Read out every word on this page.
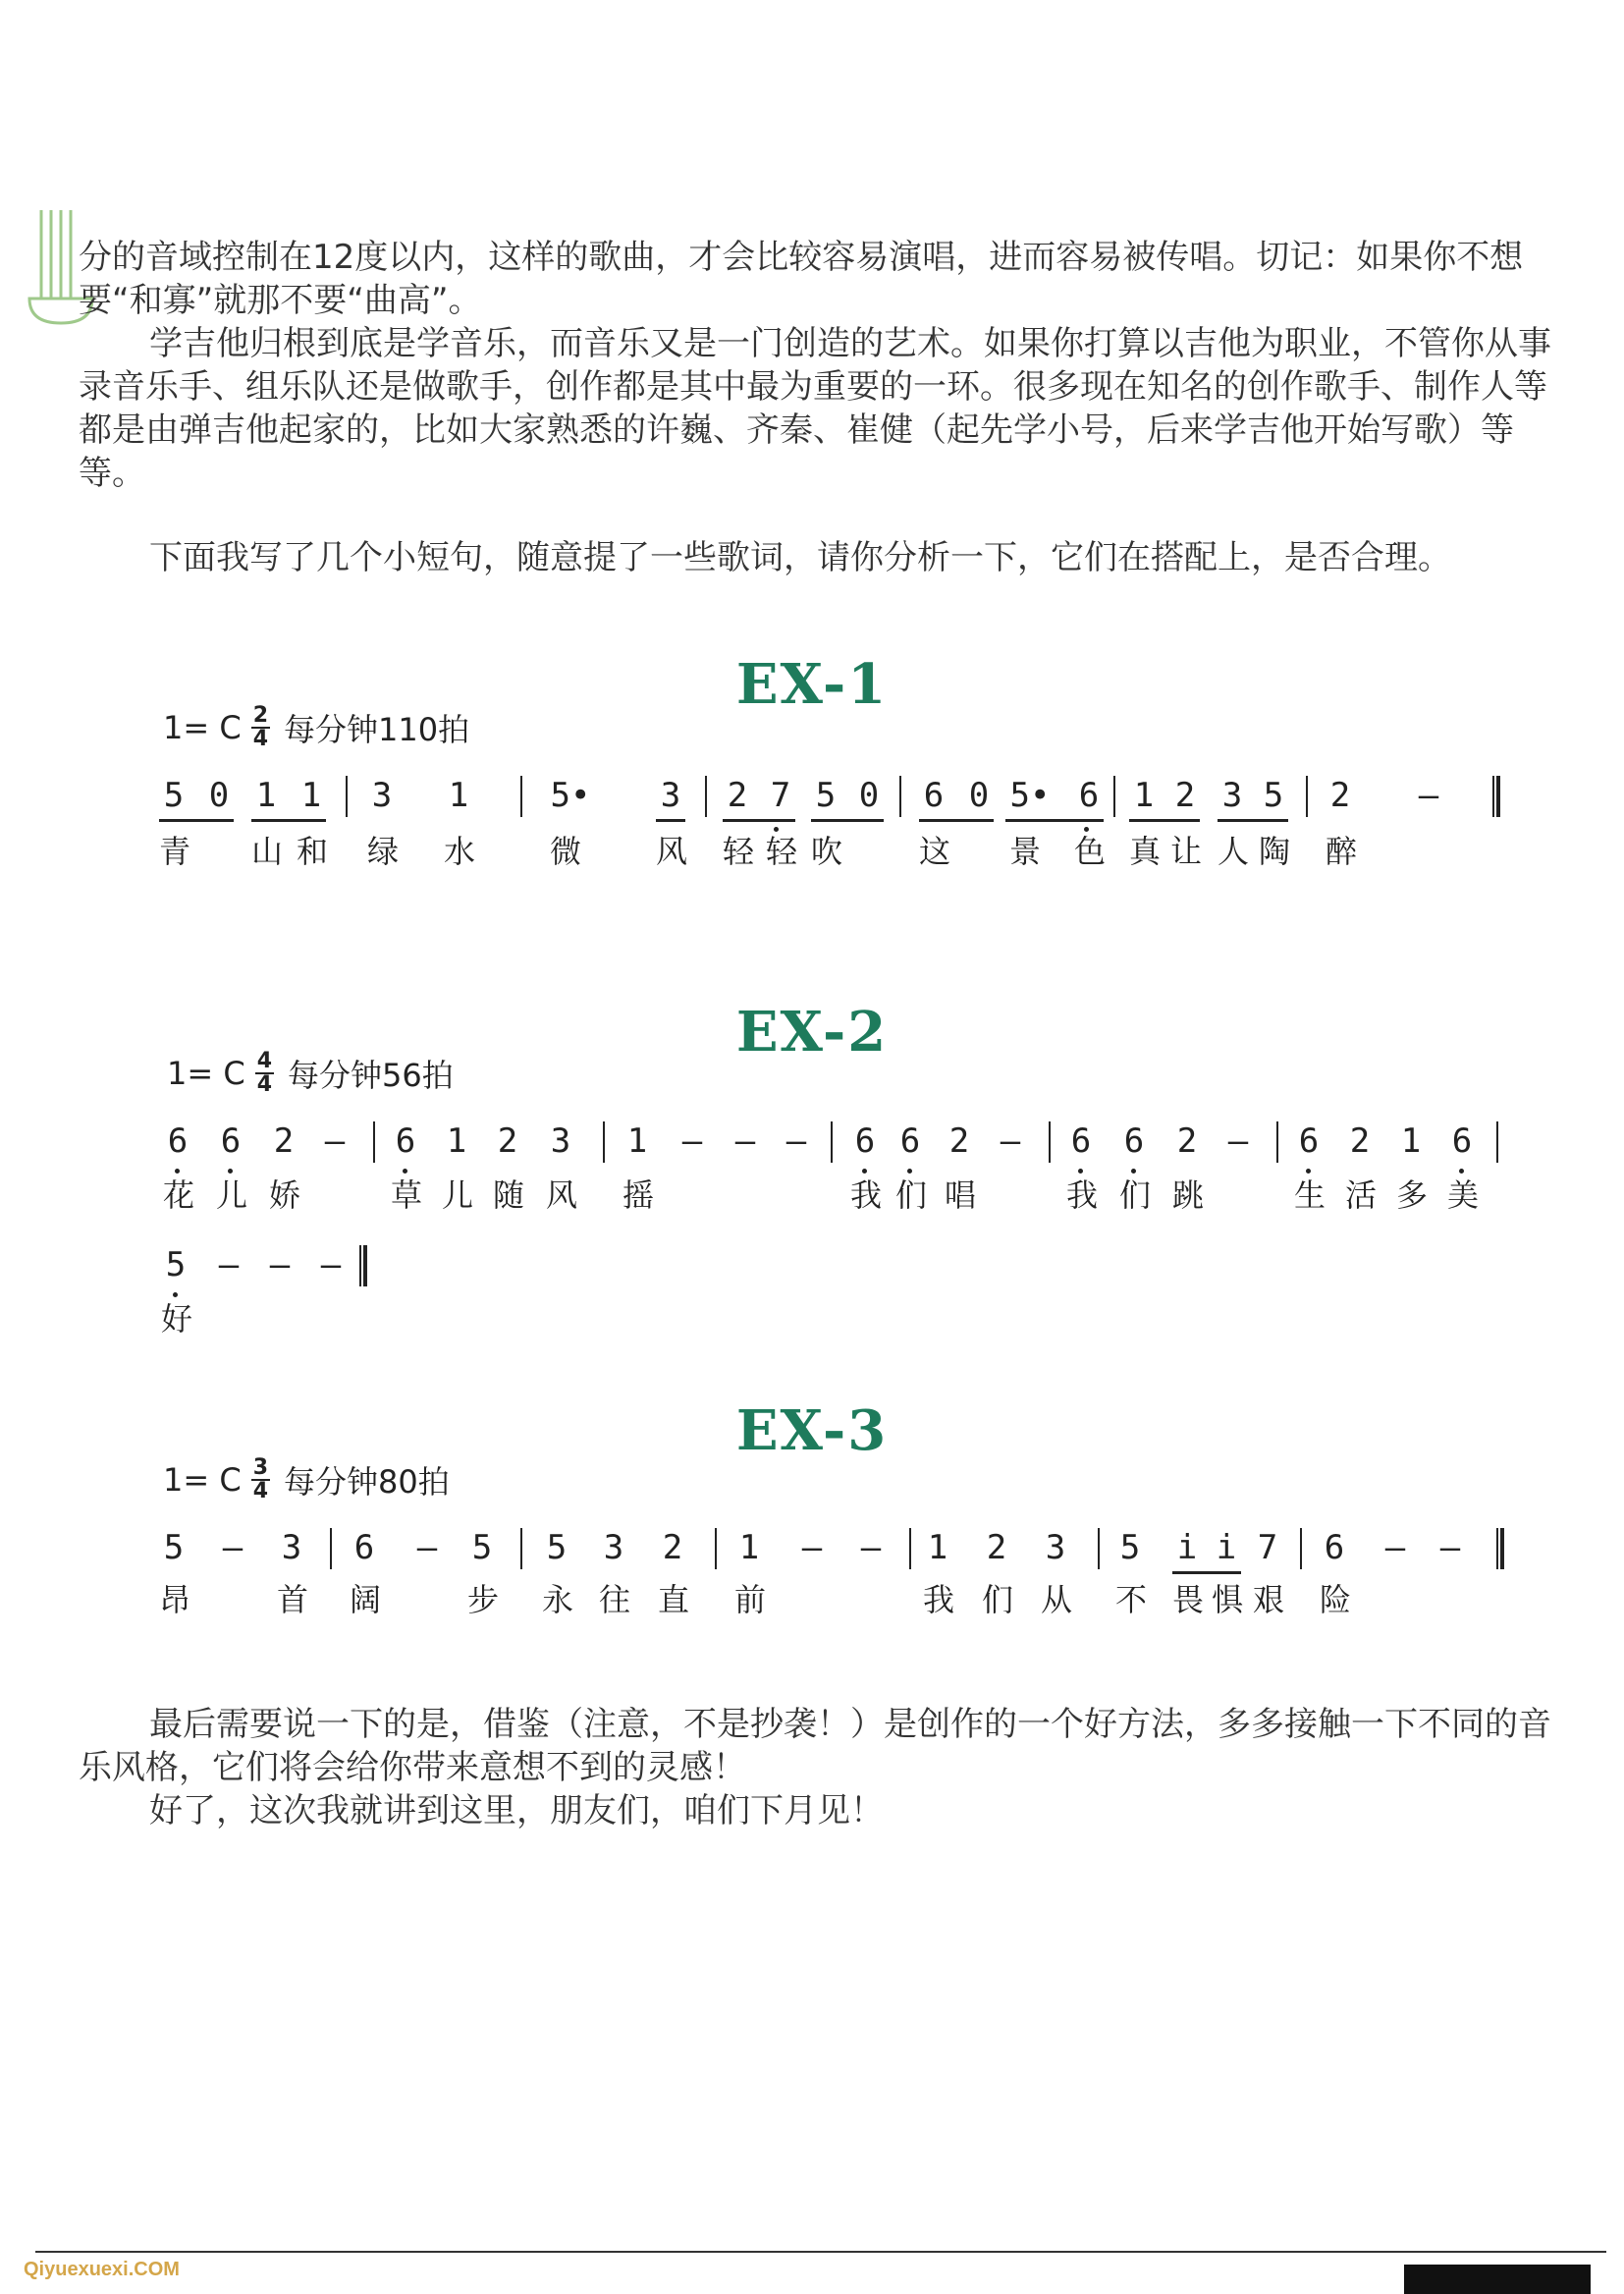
分的音域控制在12度以内，这样的歌曲，才会比较容易演唱，进而容易被传唱。切记：如果你不想要“和寡”就那不要“曲高”。

学吉他归根到底是学音乐，而音乐又是一门创造的艺术。如果你打算以吉他为职业，不管你从事录音乐手、组乐队还是做歌手，创作都是其中最为重要的一环。很多现在知名的创作歌手、制作人等都是由弹吉他起家的，比如大家熟悉的许巍、齐秦、崔健（起先学小号，后来学吉他开始写歌）等等。

下面我写了几个小短句，随意提了一些歌词，请你分析一下，它们在搭配上，是否合理。

EX-1
1= C $\frac{2}{4}$ 每分钟110拍
5 0 1 1 3 1 5• 3 2 7 5 0 6 0 5• 6 1 2 3 5 2 –
青 山 和 绿 水 微 风 轻 轻 吹 这 景 色 真 让 人 陶 醉
EX-2
1= C $\frac{4}{4}$ 每分钟56拍
6 6 2 – 6 1 2 3 1 – – – 6 6 2 – 6 6 2 – 6 2 1 6
花 儿 娇	草 儿 随 风 摇	我 们 唱	我 们 跳	生 活 多 美
5 – – –
好
EX-3
1= C $\frac{3}{4}$ 每分钟80拍
5 – 3 6 – 5 5 3 2 1 – – 1 2 3 5 i i 7 6 – –
昂	首 阔	步 永 往 直 前	我 们 从 不 畏 惧 艰 险

最后需要说一下的是，借鉴（注意，不是抄袭！）是创作的一个好方法，多多接触一下不同的音乐风格，它们将会给你带来意想不到的灵感！

好了，这次我就讲到这里，朋友们，咱们下月见！

Qiyuexuexi.COM
